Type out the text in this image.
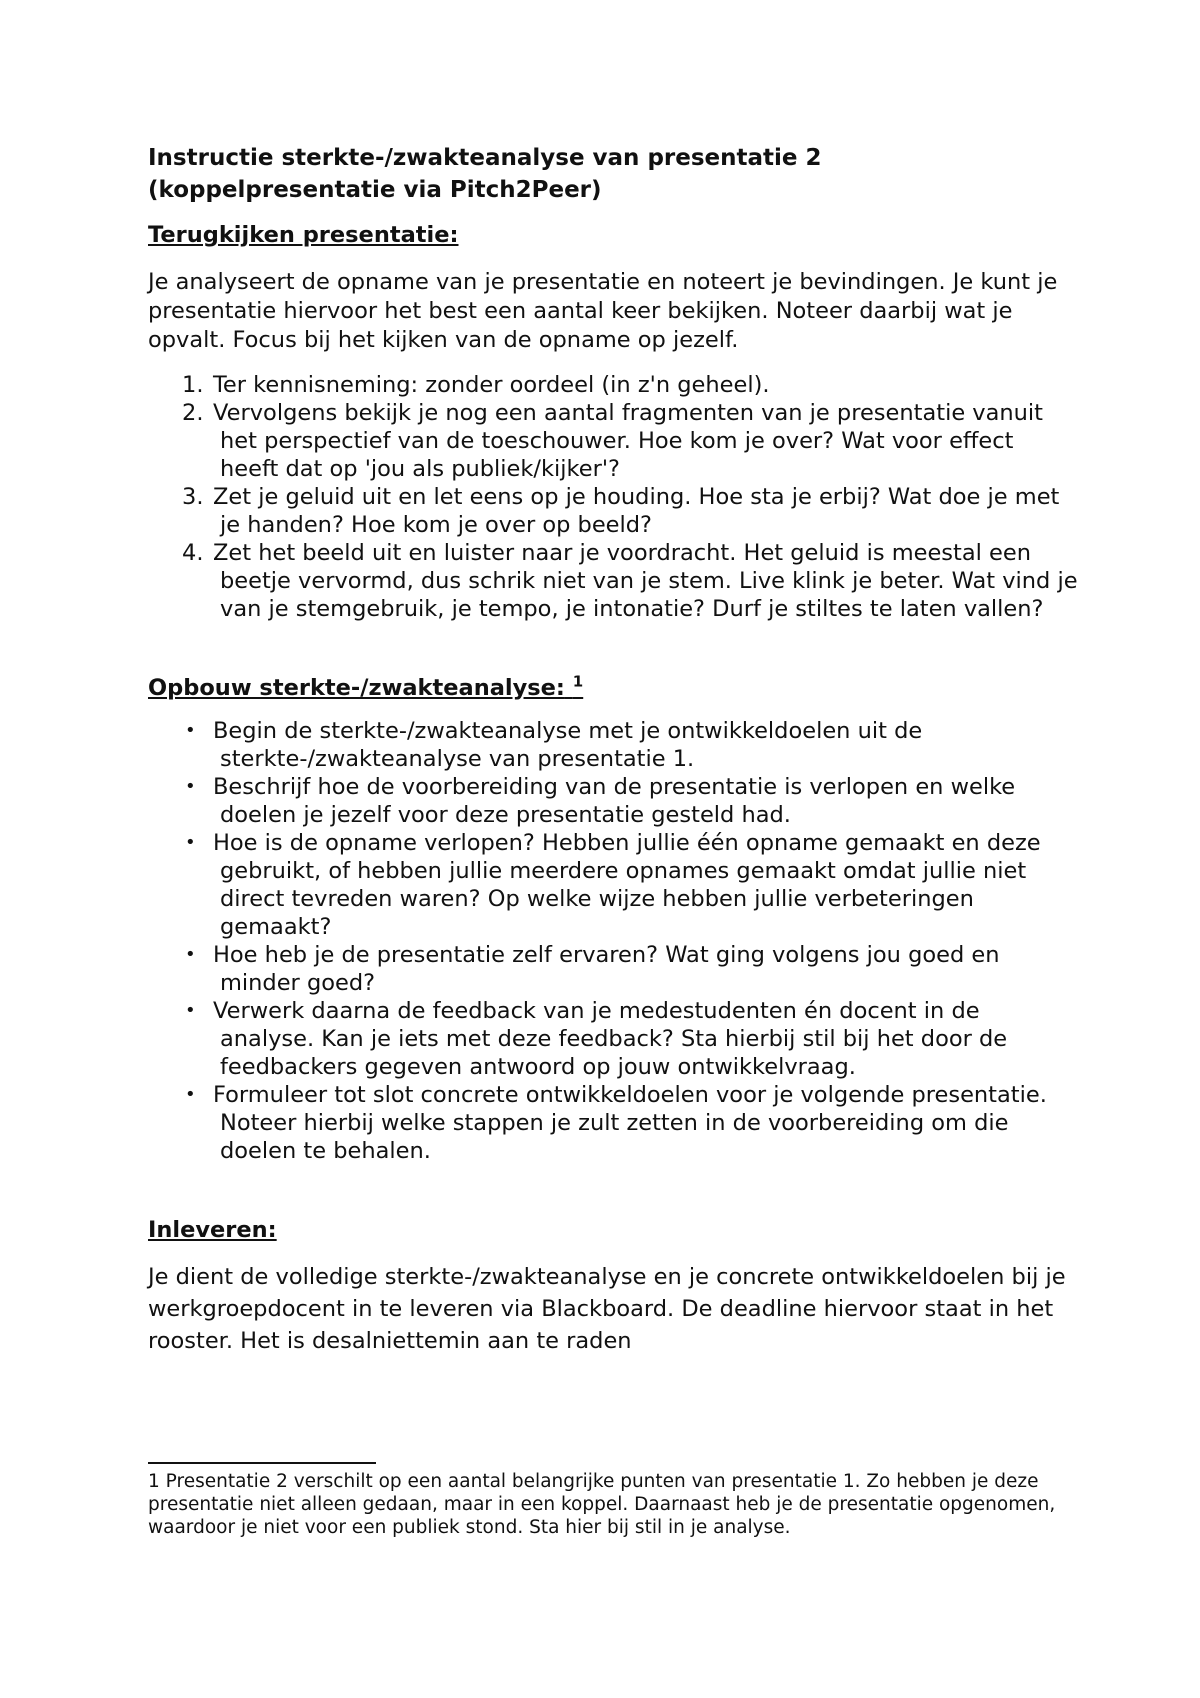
Instructie sterkte-/zwakteanalyse van presentatie 2
(koppelpresentatie via Pitch2Peer)
Terugkijken presentatie:

Je analyseert de opname van je presentatie en noteert je bevindingen. Je kunt je presentatie hiervoor het best een aantal keer bekijken. Noteer daarbij wat je opvalt. Focus bij het kijken van de opname op jezelf.

1. Ter kennisneming: zonder oordeel (in z'n geheel).
2. Vervolgens bekijk je nog een aantal fragmenten van je presentatie vanuit het perspectief van de toeschouwer. Hoe kom je over? Wat voor effect heeft dat op 'jou als publiek/kijker'?
3. Zet je geluid uit en let eens op je houding. Hoe sta je erbij? Wat doe je met je handen? Hoe kom je over op beeld?
4. Zet het beeld uit en luister naar je voordracht. Het geluid is meestal een beetje vervormd, dus schrik niet van je stem. Live klink je beter. Wat vind je van je stemgebruik, je tempo, je intonatie? Durf je stiltes te laten vallen?
Opbouw sterkte-/zwakteanalyse: $^1$
• Begin de sterkte-/zwakteanalyse met je ontwikkeldoelen uit de sterkte-/zwakteanalyse van presentatie 1.
• Beschrijf hoe de voorbereiding van de presentatie is verlopen en welke doelen je jezelf voor deze presentatie gesteld had.
• Hoe is de opname verlopen? Hebben jullie één opname gemaakt en deze gebruikt, of hebben jullie meerdere opnames gemaakt omdat jullie niet direct tevreden waren? Op welke wijze hebben jullie verbeteringen gemaakt?
• Hoe heb je de presentatie zelf ervaren? Wat ging volgens jou goed en minder goed?
• Verwerk daarna de feedback van je medestudenten én docent in de analyse. Kan je iets met deze feedback? Sta hierbij stil bij het door de feedbackers gegeven antwoord op jouw ontwikkelvraag.
• Formuleer tot slot concrete ontwikkeldoelen voor je volgende presentatie. Noteer hierbij welke stappen je zult zetten in de voorbereiding om die doelen te behalen.
Inleveren:

Je dient de volledige sterkte-/zwakteanalyse en je concrete ontwikkeldoelen bij je werkgroepdocent in te leveren via Blackboard. De deadline hiervoor staat in het rooster. Het is desalniettemin aan te raden

1 Presentatie 2 verschilt op een aantal belangrijke punten van presentatie 1. Zo hebben je deze presentatie niet alleen gedaan, maar in een koppel. Daarnaast heb je de presentatie opgenomen, waardoor je niet voor een publiek stond. Sta hier bij stil in je analyse.
